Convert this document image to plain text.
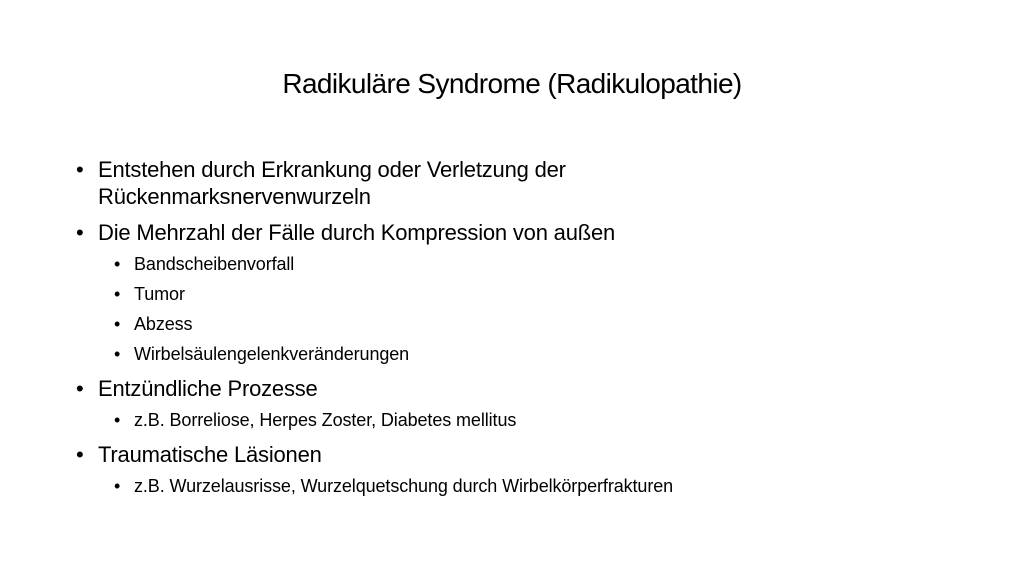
Radikuläre Syndrome (Radikulopathie)
• Entstehen durch Erkrankung oder Verletzung der
Rückenmarksnervenwurzeln
• Die Mehrzahl der Fälle durch Kompression von außen
• Bandscheibenvorfall
• Tumor
• Abzess
• Wirbelsäulengelenkveränderungen
• Entzündliche Prozesse
• z.B. Borreliose, Herpes Zoster, Diabetes mellitus
• Traumatische Läsionen
• z.B. Wurzelausrisse, Wurzelquetschung durch Wirbelkörperfrakturen
